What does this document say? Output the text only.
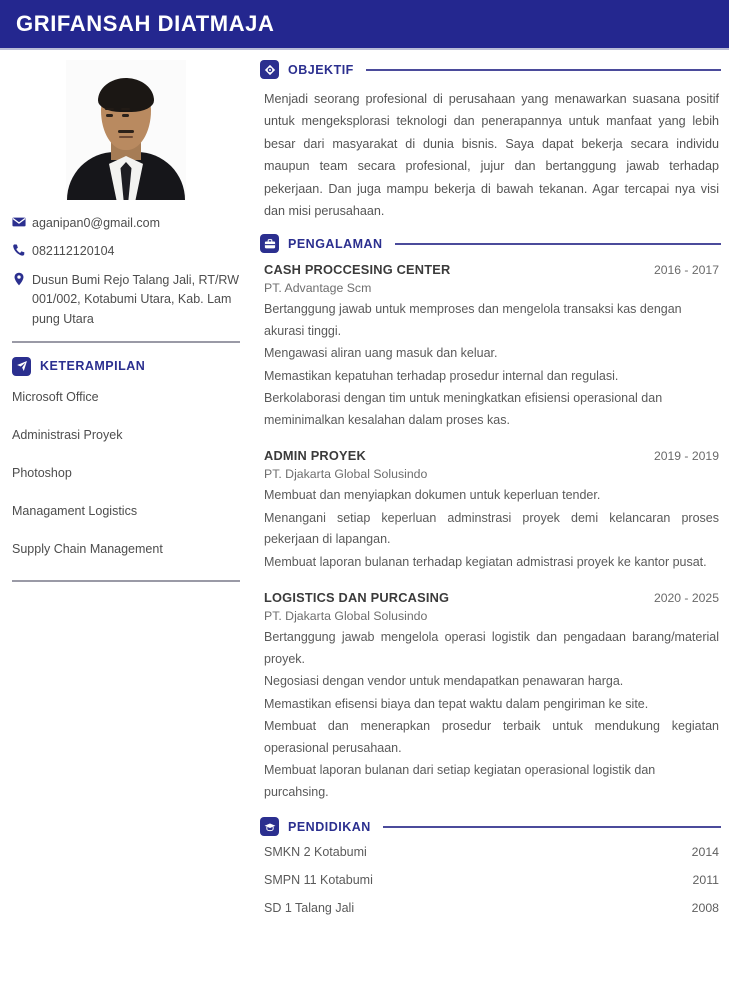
GRIFANSAH DIATMAJA
aganipan0@gmail.com
082112120104
Dusun Bumi Rejo Talang Jali, RT/RW 001/002, Kotabumi Utara, Kab. Lam pung Utara
KETERAMPILAN
Microsoft Office
Administrasi Proyek
Photoshop
Managament Logistics
Supply Chain Management
OBJEKTIF
Menjadi seorang profesional di perusahaan yang menawarkan suasana positif untuk mengeksplorasi teknologi dan penerapannya untuk manfaat yang lebih besar dari masyarakat di dunia bisnis. Saya dapat bekerja secara individu maupun team secara profesional, jujur dan bertanggung jawab terhadap pekerjaan. Dan juga mampu bekerja di bawah tekanan. Agar tercapai nya visi dan misi perusahaan.
PENGALAMAN
CASH PROCCESING CENTER	2016 - 2017
PT. Advantage Scm
Bertanggung jawab untuk memproses dan mengelola transaksi kas dengan akurasi tinggi.
Mengawasi aliran uang masuk dan keluar.
Memastikan kepatuhan terhadap prosedur internal dan regulasi.
Berkolaborasi dengan tim untuk meningkatkan efisiensi operasional dan meminimalkan kesalahan dalam proses kas.
ADMIN PROYEK	2019 - 2019
PT. Djakarta Global Solusindo
Membuat dan menyiapkan dokumen untuk keperluan tender.
Menangani setiap keperluan adminstrasi proyek demi kelancaran proses pekerjaan di lapangan.
Membuat laporan bulanan terhadap kegiatan admistrasi proyek ke kantor pusat.
LOGISTICS DAN PURCASING	2020 - 2025
PT. Djakarta Global Solusindo
Bertanggung jawab mengelola operasi logistik dan pengadaan barang/material proyek.
Negosiasi dengan vendor untuk mendapatkan penawaran harga.
Memastikan efisensi biaya dan tepat waktu dalam pengiriman ke site.
Membuat dan menerapkan prosedur terbaik untuk mendukung kegiatan operasional perusahaan.
Membuat laporan bulanan dari setiap kegiatan operasional logistik dan purcahsing.
PENDIDIKAN
SMKN 2 Kotabumi	2014
SMPN 11 Kotabumi	2011
SD 1 Talang Jali	2008
